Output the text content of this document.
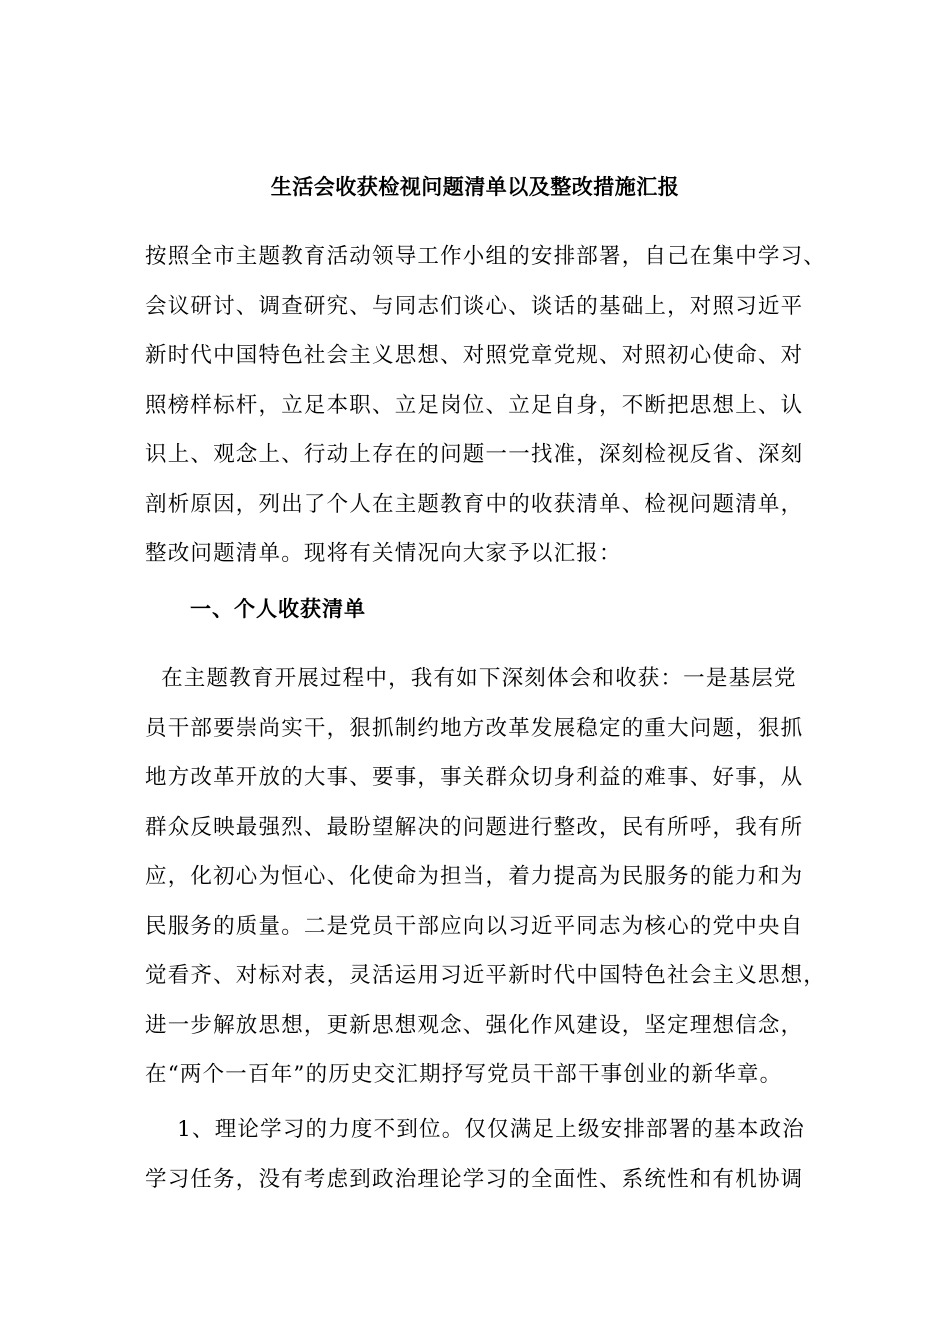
生活会收获检视问题清单以及整改措施汇报

按照全市主题教育活动领导工作小组的安排部署，自己在集中学习、
会议研讨、调查研究、与同志们谈心、谈话的基础上，对照习近平
新时代中国特色社会主义思想、对照党章党规、对照初心使命、对
照榜样标杆，立足本职、立足岗位、立足自身，不断把思想上、认
识上、观念上、行动上存在的问题一一找准，深刻检视反省、深刻
剖析原因，列出了个人在主题教育中的收获清单、检视问题清单，
整改问题清单。现将有关情况向大家予以汇报：

一、个人收获清单

在主题教育开展过程中，我有如下深刻体会和收获：一是基层党
员干部要崇尚实干，狠抓制约地方改革发展稳定的重大问题，狠抓
地方改革开放的大事、要事，事关群众切身利益的难事、好事，从
群众反映最强烈、最盼望解决的问题进行整改，民有所呼，我有所
应，化初心为恒心、化使命为担当，着力提高为民服务的能力和为
民服务的质量。二是党员干部应向以习近平同志为核心的党中央自
觉看齐、对标对表，灵活运用习近平新时代中国特色社会主义思想，
进一步解放思想，更新思想观念、强化作风建设，坚定理想信念，
在“两个一百年”的历史交汇期抒写党员干部干事创业的新华章。

1、理论学习的力度不到位。仅仅满足上级安排部署的基本政治
学习任务，没有考虑到政治理论学习的全面性、系统性和有机协调
